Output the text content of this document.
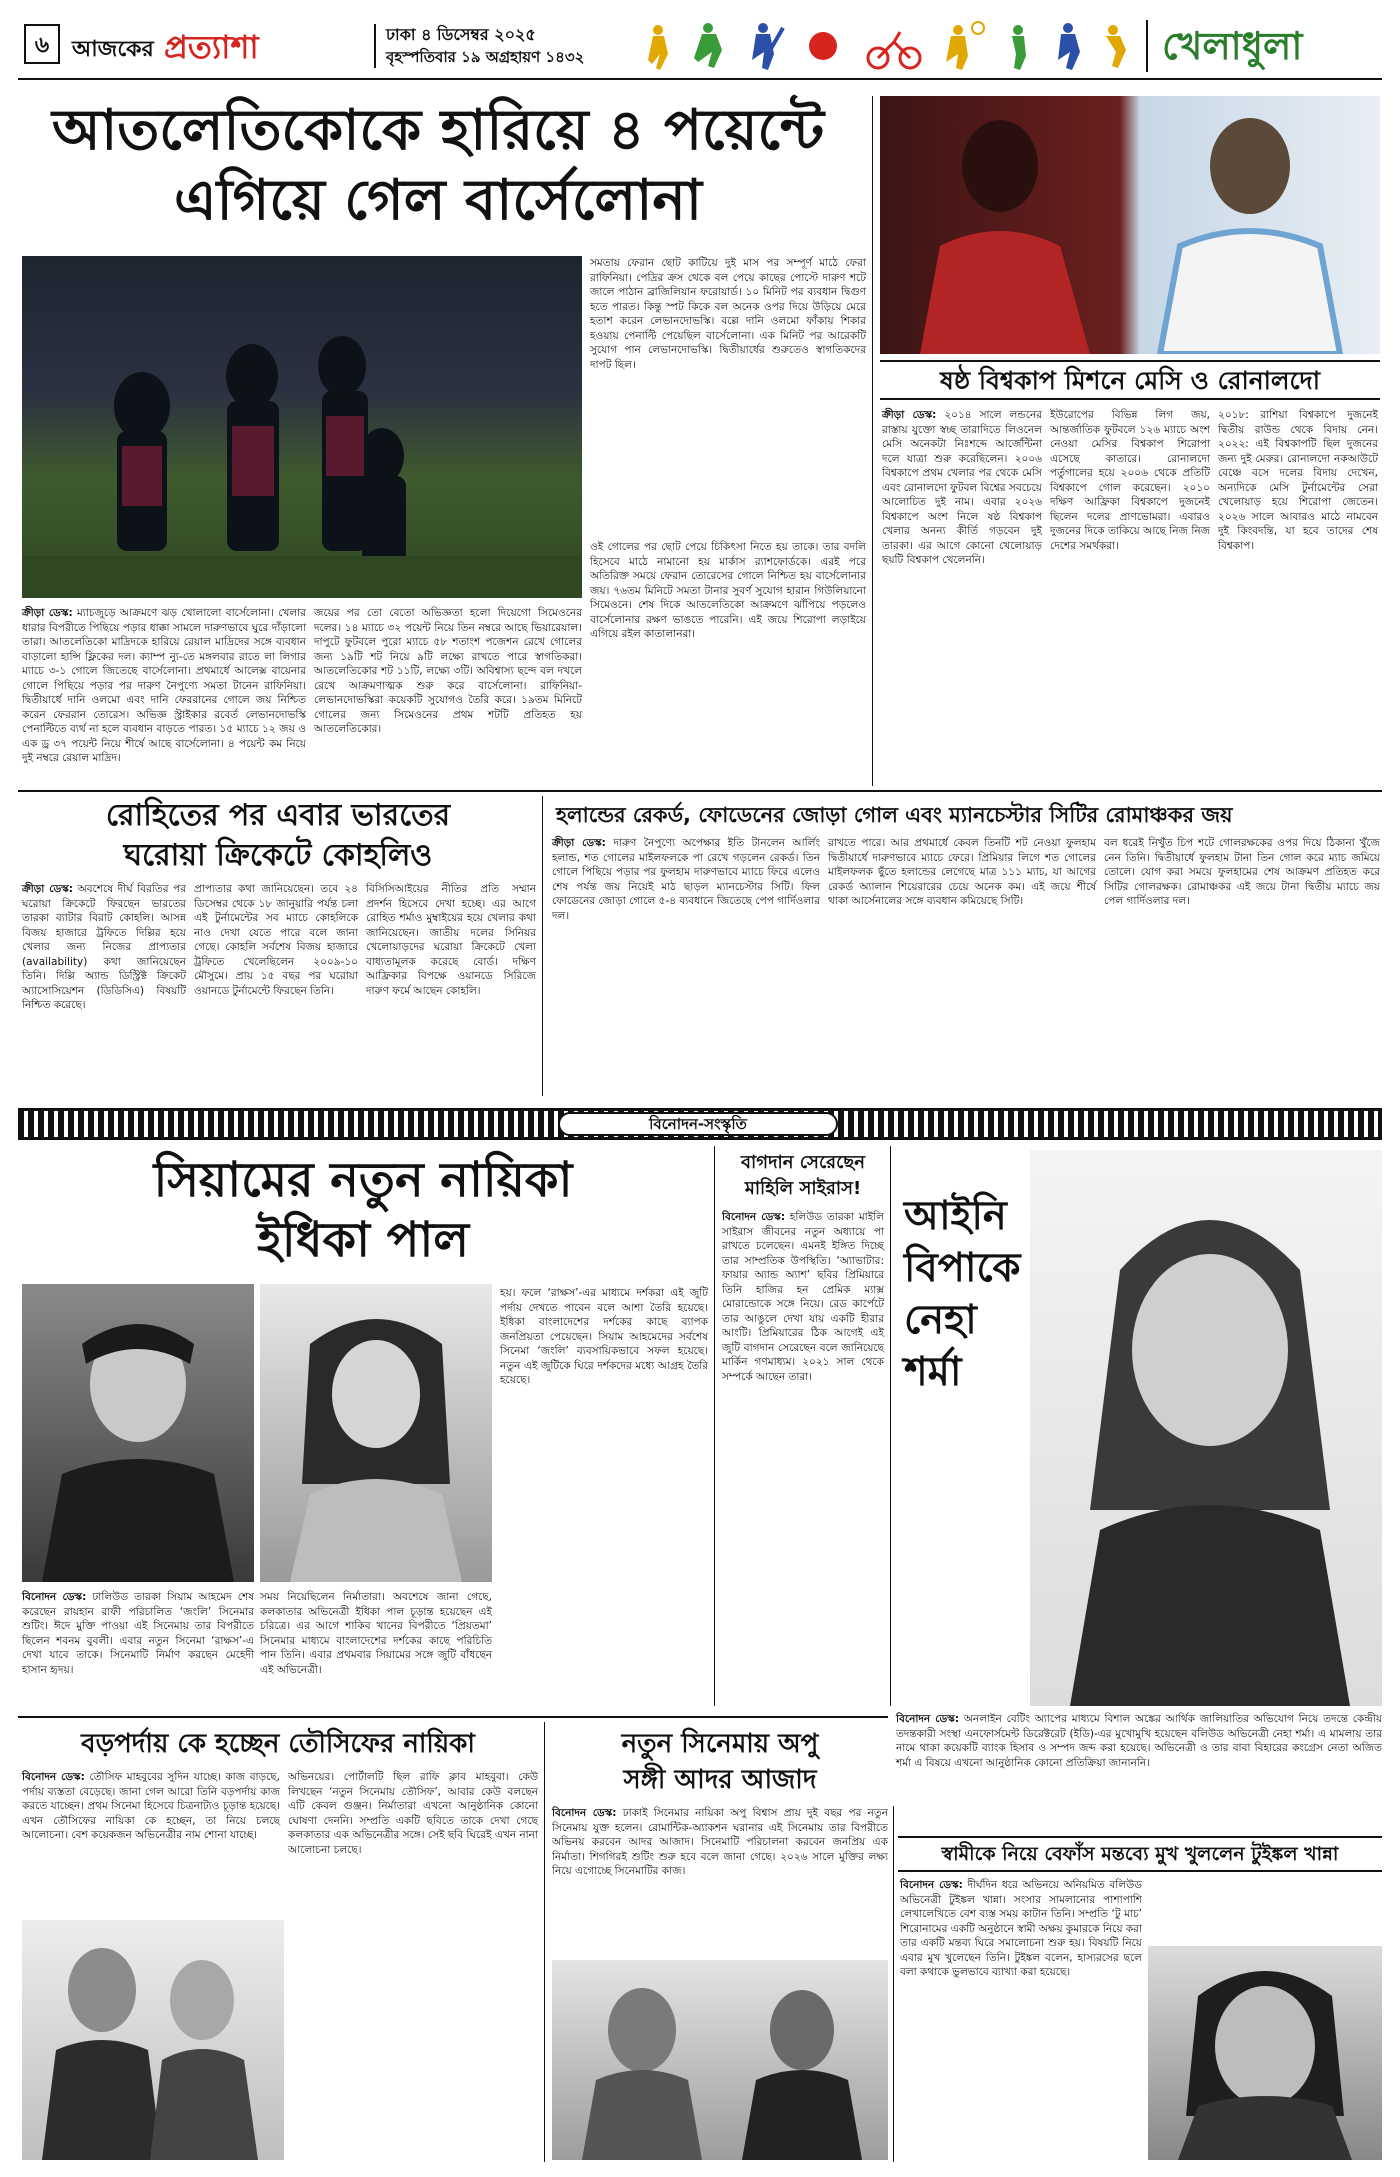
৬	আজকের প্রত্যাশা	ঢাকা ৪ ডিসেম্বর ২০২৫
বৃহস্পতিবার ১৯ অগ্রহায়ণ ১৪৩২	খেলাধুলা
আতলেতিকোকে হারিয়ে ৪ পয়েন্টে
এগিয়ে গেল বার্সেলোনা
ক্রীড়া ডেস্ক: ম্যাচজুড়ে আক্রমণে ঝড় খোলালো বার্সেলোনা। খেলার ধারার বিপরীতে পিছিয়ে পড়ার ধাক্কা সামলে দারুণভাবে ঘুরে দাঁড়ালো তারা। আতলেতিকো মাদ্রিদকে হারিয়ে রেয়াল মাদ্রিদের সঙ্গে ব্যবধান বাড়ালো হান্সি ফ্লিকের দল। ক্যাম্প ন্যু-তে মঙ্গলবার রাতে লা লিগার ম্যাচে ৩-১ গোলে জিতেছে বার্সেলোনা। প্রথমার্ধে আলেক্স বায়েনার গোলে পিছিয়ে পড়ার পর দারুণ নৈপুণ্যে সমতা টানেন রাফিনিয়া। দ্বিতীয়ার্ধে দানি ওলমো এবং দানি ফেররানের গোলে জয় নিশ্চিত করেন ফেররান তোরেস। অভিজ্ঞ স্ট্রাইকার রবের্ত লেভানদোভস্কি পেনাল্টিতে ব্যর্থ না হলে ব্যবধান বাড়তে পারত। ১৫ ম্যাচে ১২ জয় ও এক ড্র ৩৭ পয়েন্ট নিয়ে শীর্ষে আছে বার্সেলোনা। ৪ পয়েন্ট কম নিয়ে দুই নম্বরে রেয়াল মাদ্রিদ।
জয়ের পর তো বেতো অভিজ্ঞতা হলো দিয়েগো সিমেওনের দলের। ১৪ ম্যাচে ৩২ পয়েন্ট নিয়ে তিন নম্বরে আছে ভিয়ারেয়াল। দাপুটে ফুটবলে পুরো ম্যাচে ৫৮ শতাংশ পজেশন রেখে গোলের জন্য ১৯টি শট নিয়ে ৯টি লক্ষ্যে রাখতে পারে স্বাগতিকরা। আতলেতিকোর শট ১১টি, লক্ষ্যে ৩টি। অবিশ্বাস্য ছন্দে বল দখলে রেখে আক্রমণাত্মক শুরু করে বার্সেলোনা। রাফিনিয়া-লেভানদোভস্কিরা কয়েকটি সুযোগও তৈরি করে। ১৯তম মিনিটে গোলের জন্য সিমেওনের প্রথম শটটি প্রতিহত হয় আতলেতিকোর।
সমতায় ফেরান ছোট কাটিয়ে দুই মাস পর সম্পূর্ণ মাঠে ফেরা রাফিনিয়া। পেদ্রির ক্রস থেকে বল পেয়ে কাছের পোস্টে দারুণ শটে জালে পাঠান ব্রাজিলিয়ান ফরোয়ার্ড। ১০ মিনিট পর ব্যবধান দ্বিগুণ হতে পারত। কিন্তু স্পট কিকে বল অনেক ওপর দিয়ে উড়িয়ে মেরে হতাশ করেন লেভানদোভস্কি। বল্লে দানি ওলমো ফাঁকায় শিকার হওয়ায় পেনাল্টি পেয়েছিল বার্সেলোনা। এক মিনিট পর আরেকটি সুযোগ পান লেভানদোভস্কি। দ্বিতীয়ার্ধের শুরুতেও স্বাগতিকদের দাপট ছিল।
ওই গোলের পর ছোট পেয়ে চিকিৎসা নিতে হয় তাকে। তার বদলি হিসেবে মাঠে নামানো হয় মার্কাস র‍্যাশফোর্ডকে। এরই পরে অতিরিক্ত সময়ে ফেরান তোরেসের গোলে নিশ্চিত হয় বার্সেলোনার জয়। ৭৬তম মিনিটে সমতা টানার সুবর্ণ সুযোগ হারান গিউলিয়ানো সিমেওনে। শেষ দিকে আতলেতিকো আক্রমণে ঝাঁপিয়ে পড়লেও বার্সেলোনার রক্ষণ ভাঙতে পারেনি। এই জয়ে শিরোপা লড়াইয়ে এগিয়ে রইল কাতালানরা।
ষষ্ঠ বিশ্বকাপ মিশনে মেসি ও রোনালদো
ক্রীড়া ডেস্ক: ২০১৪ সালে লন্ডনের রাস্তায় যুক্তো স্বচ্ছ তারাদিতে লিওনেল মেসি অনেকটা নিঃশব্দে আর্জেন্টিনা দলে যাত্রা শুরু করেছিলেন। ২০০৬ বিশ্বকাপে প্রথম খেলার পর থেকে মেসি এবং রোনালদো ফুটবল বিশ্বের সবচেয়ে আলোচিত দুই নাম। এবার ২০২৬ বিশ্বকাপে অংশ নিলে ষষ্ঠ বিশ্বকাপ খেলার অনন্য কীর্তি গড়বেন দুই তারকা। এর আগে কোনো খেলোয়াড় ছয়টি বিশ্বকাপ খেলেননি।
ইউরোপের বিভিন্ন লিগ জয়, আন্তর্জাতিক ফুটবলে ১২৬ ম্যাচে অংশ নেওয়া মেসির বিশ্বকাপ শিরোপা এসেছে কাতারে। রোনালদো পর্তুগালের হয়ে ২০০৬ থেকে প্রতিটি বিশ্বকাপে গোল করেছেন। ২০১০ দক্ষিণ আফ্রিকা বিশ্বকাপে দুজনেই ছিলেন দলের প্রাণভোমরা। এবারও দুজনের দিকে তাকিয়ে আছে নিজ নিজ দেশের সমর্থকরা।
২০১৮: রাশিয়া বিশ্বকাপে দুজনেই দ্বিতীয় রাউন্ড থেকে বিদায় নেন। ২০২২: এই বিশ্বকাপটি ছিল দুজনের জন্য দুই মেরুর। রোনালদো নকআউটে বেঞ্চে বসে দলের বিদায় দেখেন, অন্যদিকে মেসি টুর্নামেন্টের সেরা খেলোয়াড় হয়ে শিরোপা জেতেন। ২০২৬ সালে আবারও মাঠে নামবেন দুই কিংবদন্তি, যা হবে তাদের শেষ বিশ্বকাপ।
রোহিতের পর এবার ভারতের
ঘরোয়া ক্রিকেটে কোহলিও
ক্রীড়া ডেস্ক: অবশেষে দীর্ঘ বিরতির পর ঘরোয়া ক্রিকেটে ফিরছেন ভারতের তারকা ব্যাটার বিরাট কোহলি। আসন্ন বিজয় হাজারে ট্রফিতে দিল্লির হয়ে খেলার জন্য নিজের প্রাপ্যতার (availability) কথা জানিয়েছেন তিনি। দিল্লি অ্যান্ড ডিস্ট্রিক্ট ক্রিকেট অ্যাসোসিয়েশন (ডিডিসিএ) বিষয়টি নিশ্চিত করেছে।
প্রাপ্যতার কথা জানিয়েছেন। তবে ২৪ ডিসেম্বর থেকে ১৮ জানুয়ারি পর্যন্ত চলা এই টুর্নামেন্টের সব ম্যাচে কোহলিকে নাও দেখা যেতে পারে বলে জানা গেছে। কোহলি সর্বশেষ বিজয় হাজারে ট্রফিতে খেলেছিলেন ২০০৯-১০ মৌসুমে। প্রায় ১৫ বছর পর ঘরোয়া ওয়ানডে টুর্নামেন্টে ফিরছেন তিনি।
বিসিসিআইয়ের নীতির প্রতি সম্মান প্রদর্শন হিসেবে দেখা হচ্ছে। এর আগে রোহিত শর্মাও মুম্বাইয়ের হয়ে খেলার কথা জানিয়েছেন। জাতীয় দলের সিনিয়র খেলোয়াড়দের ঘরোয়া ক্রিকেটে খেলা বাধ্যতামূলক করেছে বোর্ড। দক্ষিণ আফ্রিকার বিপক্ষে ওয়ানডে সিরিজে দারুণ ফর্মে আছেন কোহলি।
হলান্ডের রেকর্ড, ফোডেনের জোড়া গোল এবং ম্যানচেস্টার সিটির রোমাঞ্চকর জয়
ক্রীড়া ডেস্ক: দারুণ নৈপুণ্যে অপেক্ষার ইতি টানলেন আর্লিং হলান্ড, শত গোলের মাইলফলকে পা রেখে গড়লেন রেকর্ড। তিন গোলে পিছিয়ে পড়ার পর ফুলহাম দারুণভাবে ম্যাচে ফিরে এলেও শেষ পর্যন্ত জয় নিয়েই মাঠ ছাড়ল ম্যানচেস্টার সিটি। ফিল ফোডেনের জোড়া গোলে ৫-৪ ব্যবধানে জিতেছে পেপ গার্দিওলার দল।
রাখতে পারে। আর প্রথমার্ধে কেবল তিনটি শট নেওয়া ফুলহাম দ্বিতীয়ার্ধে দারুণভাবে ম্যাচে ফেরে। প্রিমিয়ার লিগে শত গোলের মাইলফলক ছুঁতে হলান্ডের লেগেছে মাত্র ১১১ ম্যাচ, যা আগের রেকর্ড অ্যালান শিয়েরারের চেয়ে অনেক কম। এই জয়ে শীর্ষে থাকা আর্সেনালের সঙ্গে ব্যবধান কমিয়েছে সিটি।
বল ধরেই নিখুঁত চিপ শটে গোলরক্ষকের ওপর দিয়ে ঠিকানা খুঁজে নেন তিনি। দ্বিতীয়ার্ধে ফুলহাম টানা তিন গোল করে ম্যাচ জমিয়ে তোলে। যোগ করা সময়ে ফুলহামের শেষ আক্রমণ প্রতিহত করে সিটির গোলরক্ষক। রোমাঞ্চকর এই জয়ে টানা দ্বিতীয় ম্যাচে জয় পেল গার্দিওলার দল।
বিনোদন-সংস্কৃতি
সিয়ামের নতুন নায়িকা
ইধিকা পাল
বিনোদন ডেস্ক: ঢালিউড তারকা সিয়াম আহমেদ শেষ করেছেন রায়হান রাফী পরিচালিত ‘জংলি’ সিনেমার শুটিং। ঈদে মুক্তি পাওয়া এই সিনেমায় তার বিপরীতে ছিলেন শবনম বুবলী। এবার নতুন সিনেমা ‘রাক্ষস’-এ দেখা যাবে তাকে। সিনেমাটি নির্মাণ করছেন মেহেদী হাসান হৃদয়।
সময় নিয়েছিলেন নির্মাতারা। অবশেষে জানা গেছে, কলকাতার অভিনেত্রী ইধিকা পাল চূড়ান্ত হয়েছেন এই চরিত্রে। এর আগে শাকিব খানের বিপরীতে ‘প্রিয়তমা’ সিনেমার মাধ্যমে বাংলাদেশের দর্শকের কাছে পরিচিতি পান তিনি। এবার প্রথমবার সিয়ামের সঙ্গে জুটি বাঁধছেন এই অভিনেত্রী।
হয়। ফলে ‘রাক্ষস’-এর মাধ্যমে দর্শকরা এই জুটি পর্দায় দেখতে পাবেন বলে আশা তৈরি হয়েছে। ইধিকা বাংলাদেশের দর্শকের কাছে ব্যাপক জনপ্রিয়তা পেয়েছেন। সিয়াম আহমেদের সর্বশেষ সিনেমা ‘জংলি’ ব্যবসায়িকভাবে সফল হয়েছে। নতুন এই জুটিকে ঘিরে দর্শকদের মধ্যে আগ্রহ তৈরি হয়েছে।
বাগদান সেরেছেন
মাহিলি সাইরাস!
বিনোদন ডেস্ক: হলিউড তারকা মাইলি সাইরাস জীবনের নতুন অধ্যায়ে পা রাখতে চলেছেন। এমনই ইঙ্গিত দিচ্ছে তার সাম্প্রতিক উপস্থিতি। ‘অ্যাভাটার: ফায়ার অ্যান্ড অ্যাশ’ ছবির প্রিমিয়ারে তিনি হাজির হন প্রেমিক ম্যাক্স মোরান্ডোকে সঙ্গে নিয়ে। রেড কার্পেটে তার আঙুলে দেখা যায় একটি হীরার আংটি। প্রিমিয়ারের ঠিক আগেই এই জুটি বাগদান সেরেছেন বলে জানিয়েছে মার্কিন গণমাধ্যম। ২০২১ সাল থেকে সম্পর্কে আছেন তারা।
আইনি
বিপাকে
নেহা
শর্মা
বিনোদন ডেস্ক: অনলাইন বেটিং অ্যাপের মাধ্যমে বিশাল অঙ্কের আর্থিক জালিয়াতির অভিযোগ নিয়ে তদন্তে কেন্দ্রীয় তদন্তকারী সংস্থা এনফোর্সমেন্ট ডিরেক্টরেট (ইডি)-এর মুখোমুখি হয়েছেন বলিউড অভিনেত্রী নেহা শর্মা। এ মামলায় তার নামে থাকা কয়েকটি ব্যাংক হিসাব ও সম্পদ জব্দ করা হয়েছে। অভিনেত্রী ও তার বাবা বিহারের কংগ্রেস নেতা অজিত শর্মা এ বিষয়ে এখনো আনুষ্ঠানিক কোনো প্রতিক্রিয়া জানাননি।
বড়পর্দায় কে হচ্ছেন তৌসিফের নায়িকা
বিনোদন ডেস্ক: তৌসিফ মাহবুবের সুদিন যাচ্ছে। কাজ বাড়ছে, পর্দায় ব্যস্ততা বেড়েছে। জানা গেল আরো তিনি বড়পর্দায় কাজ করতে যাচ্ছেন। প্রথম সিনেমা হিসেবে চিত্রনাট্যও চূড়ান্ত হয়েছে। এখন তৌসিফের নায়িকা কে হচ্ছেন, তা নিয়ে চলছে আলোচনা। বেশ কয়েকজন অভিনেত্রীর নাম শোনা যাচ্ছে।
অভিনয়ের। পোর্টালটি ছিল রাফি ক্লাব মাহবুবা। কেউ লিখছেন ‘নতুন সিনেমায় তৌসিফ’, আবার কেউ বলছেন এটি কেবল গুঞ্জন। নির্মাতারা এখনো আনুষ্ঠানিক কোনো ঘোষণা দেননি। সম্প্রতি একটি ছবিতে তাকে দেখা গেছে কলকাতার এক অভিনেত্রীর সঙ্গে। সেই ছবি ঘিরেই এখন নানা আলোচনা চলছে।
নতুন সিনেমায় অপু
সঙ্গী আদর আজাদ
বিনোদন ডেস্ক: ঢাকাই সিনেমার নায়িকা অপু বিশ্বাস প্রায় দুই বছর পর নতুন সিনেমায় যুক্ত হলেন। রোমান্টিক-অ্যাকশন ঘরানার এই সিনেমায় তার বিপরীতে অভিনয় করবেন আদর আজাদ। সিনেমাটি পরিচালনা করবেন জনপ্রিয় এক নির্মাতা। শিগগিরই শুটিং শুরু হবে বলে জানা গেছে। ২০২৬ সালে মুক্তির লক্ষ্য নিয়ে এগোচ্ছে সিনেমাটির কাজ।
স্বামীকে নিয়ে বেফাঁস মন্তব্যে মুখ খুললেন টুইঙ্কল খান্না
বিনোদন ডেস্ক: দীর্ঘদিন ধরে অভিনয়ে অনিয়মিত বলিউড অভিনেত্রী টুইঙ্কল খান্না। সংসার সামলানোর পাশাপাশি লেখালেখিতে বেশ ব্যস্ত সময় কাটান তিনি। সম্প্রতি ‘টু মাচ’ শিরোনামের একটি অনুষ্ঠানে স্বামী অক্ষয় কুমারকে নিয়ে করা তার একটি মন্তব্য ঘিরে সমালোচনা শুরু হয়। বিষয়টি নিয়ে এবার মুখ খুলেছেন তিনি। টুইঙ্কল বলেন, হাস্যরসের ছলে বলা কথাকে ভুলভাবে ব্যাখ্যা করা হয়েছে।
